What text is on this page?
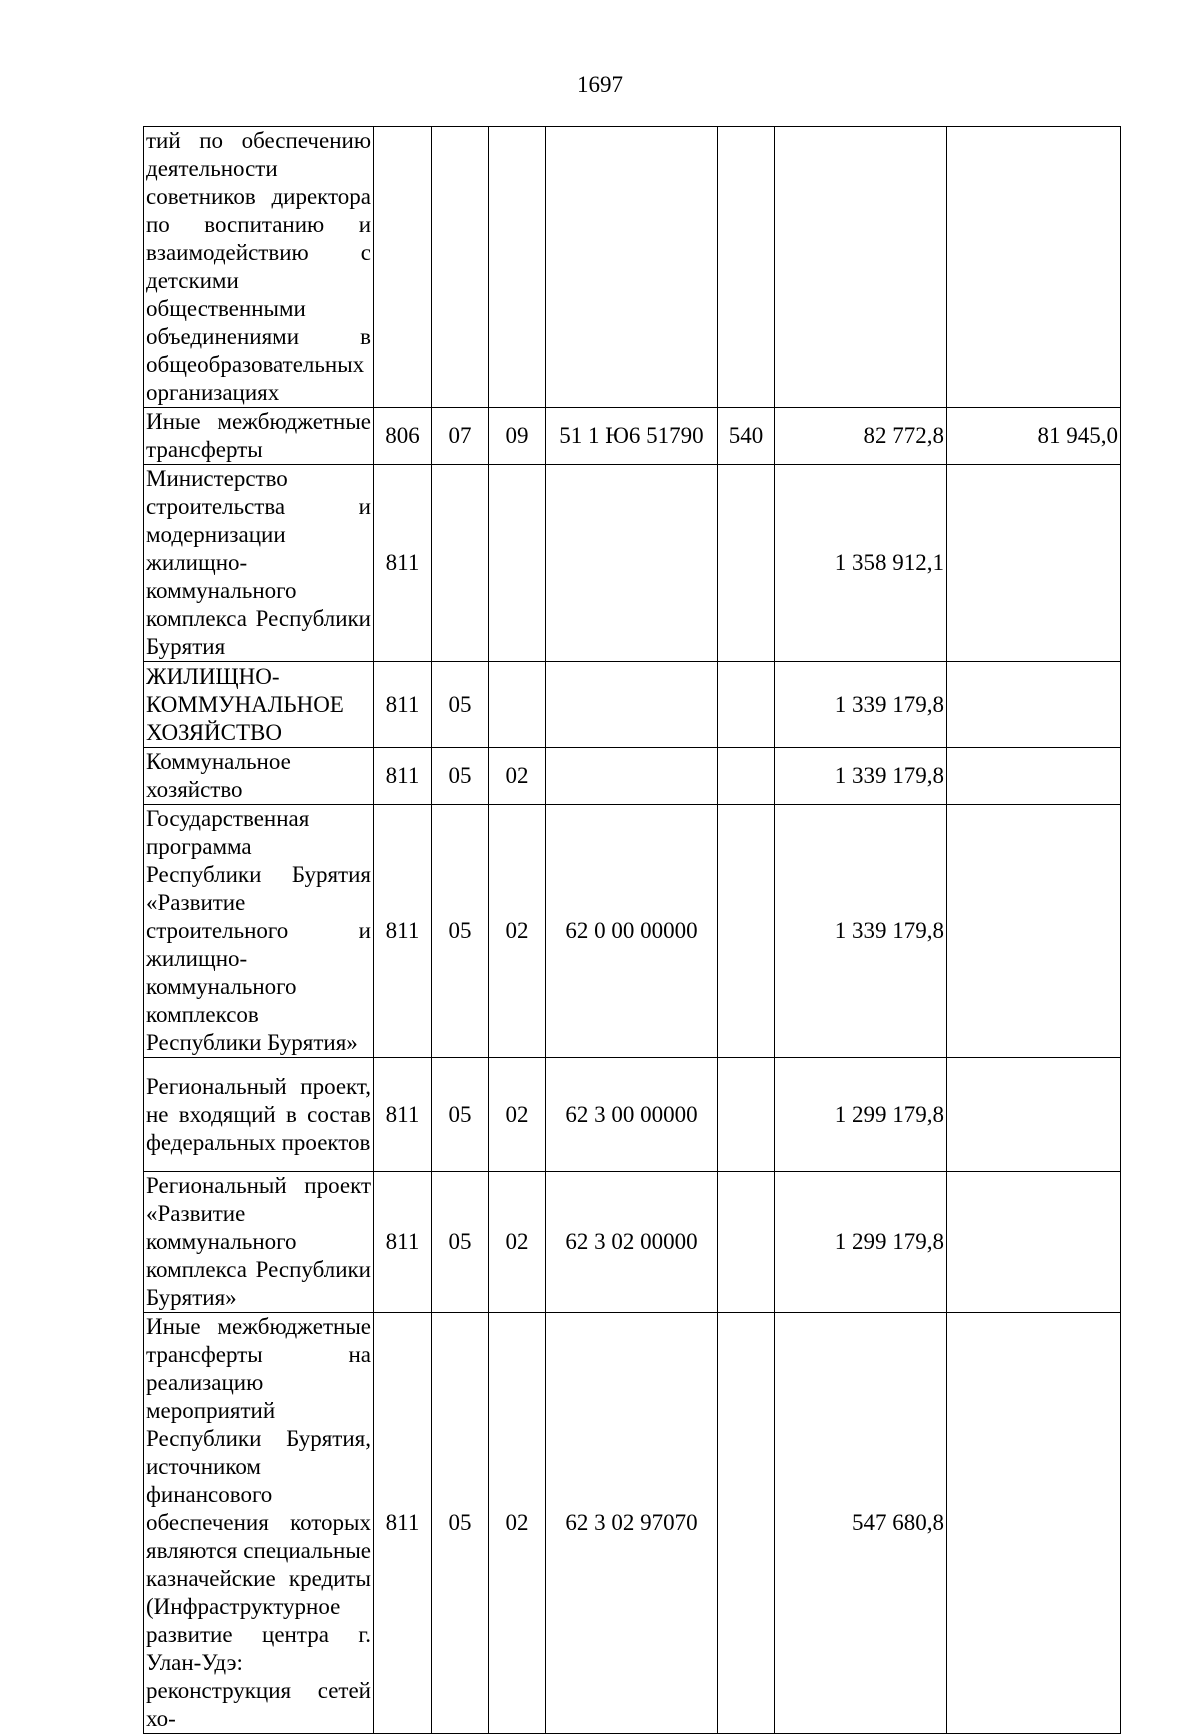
1697
тий по обеспечению деятельности советников директора по воспитанию и взаимодействию с детскими общественными объединениями в общеобразовательных организациях							
Иные межбюджетные трансферты	806	07	09	51 1 Ю6 51790	540	82 772,8	81 945,0
Министерство строительства и модернизации жилищно-коммунального комплекса Республики Бурятия	811					1 358 912,1	
ЖИЛИЩНО-КОММУНАЛЬНОЕ ХОЗЯЙСТВО	811	05				1 339 179,8	
Коммунальное хозяйство	811	05	02			1 339 179,8	
Государственная программа Республики Бурятия «Развитие строительного и жилищно-коммунального комплексов Республики Бурятия»	811	05	02	62 0 00 00000		1 339 179,8	
Региональный проект, не входящий в состав федеральных проектов	811	05	02	62 3 00 00000		1 299 179,8	
Региональный проект «Развитие коммунального комплекса Республики Бурятия»	811	05	02	62 3 02 00000		1 299 179,8	
Иные межбюджетные трансферты на реализацию мероприятий Республики Бурятия, источником финансового обеспечения которых являются специальные казначейские кредиты (Инфраструктурное развитие центра г. Улан-Удэ: реконструкция сетей хо-	811	05	02	62 3 02 97070		547 680,8	
